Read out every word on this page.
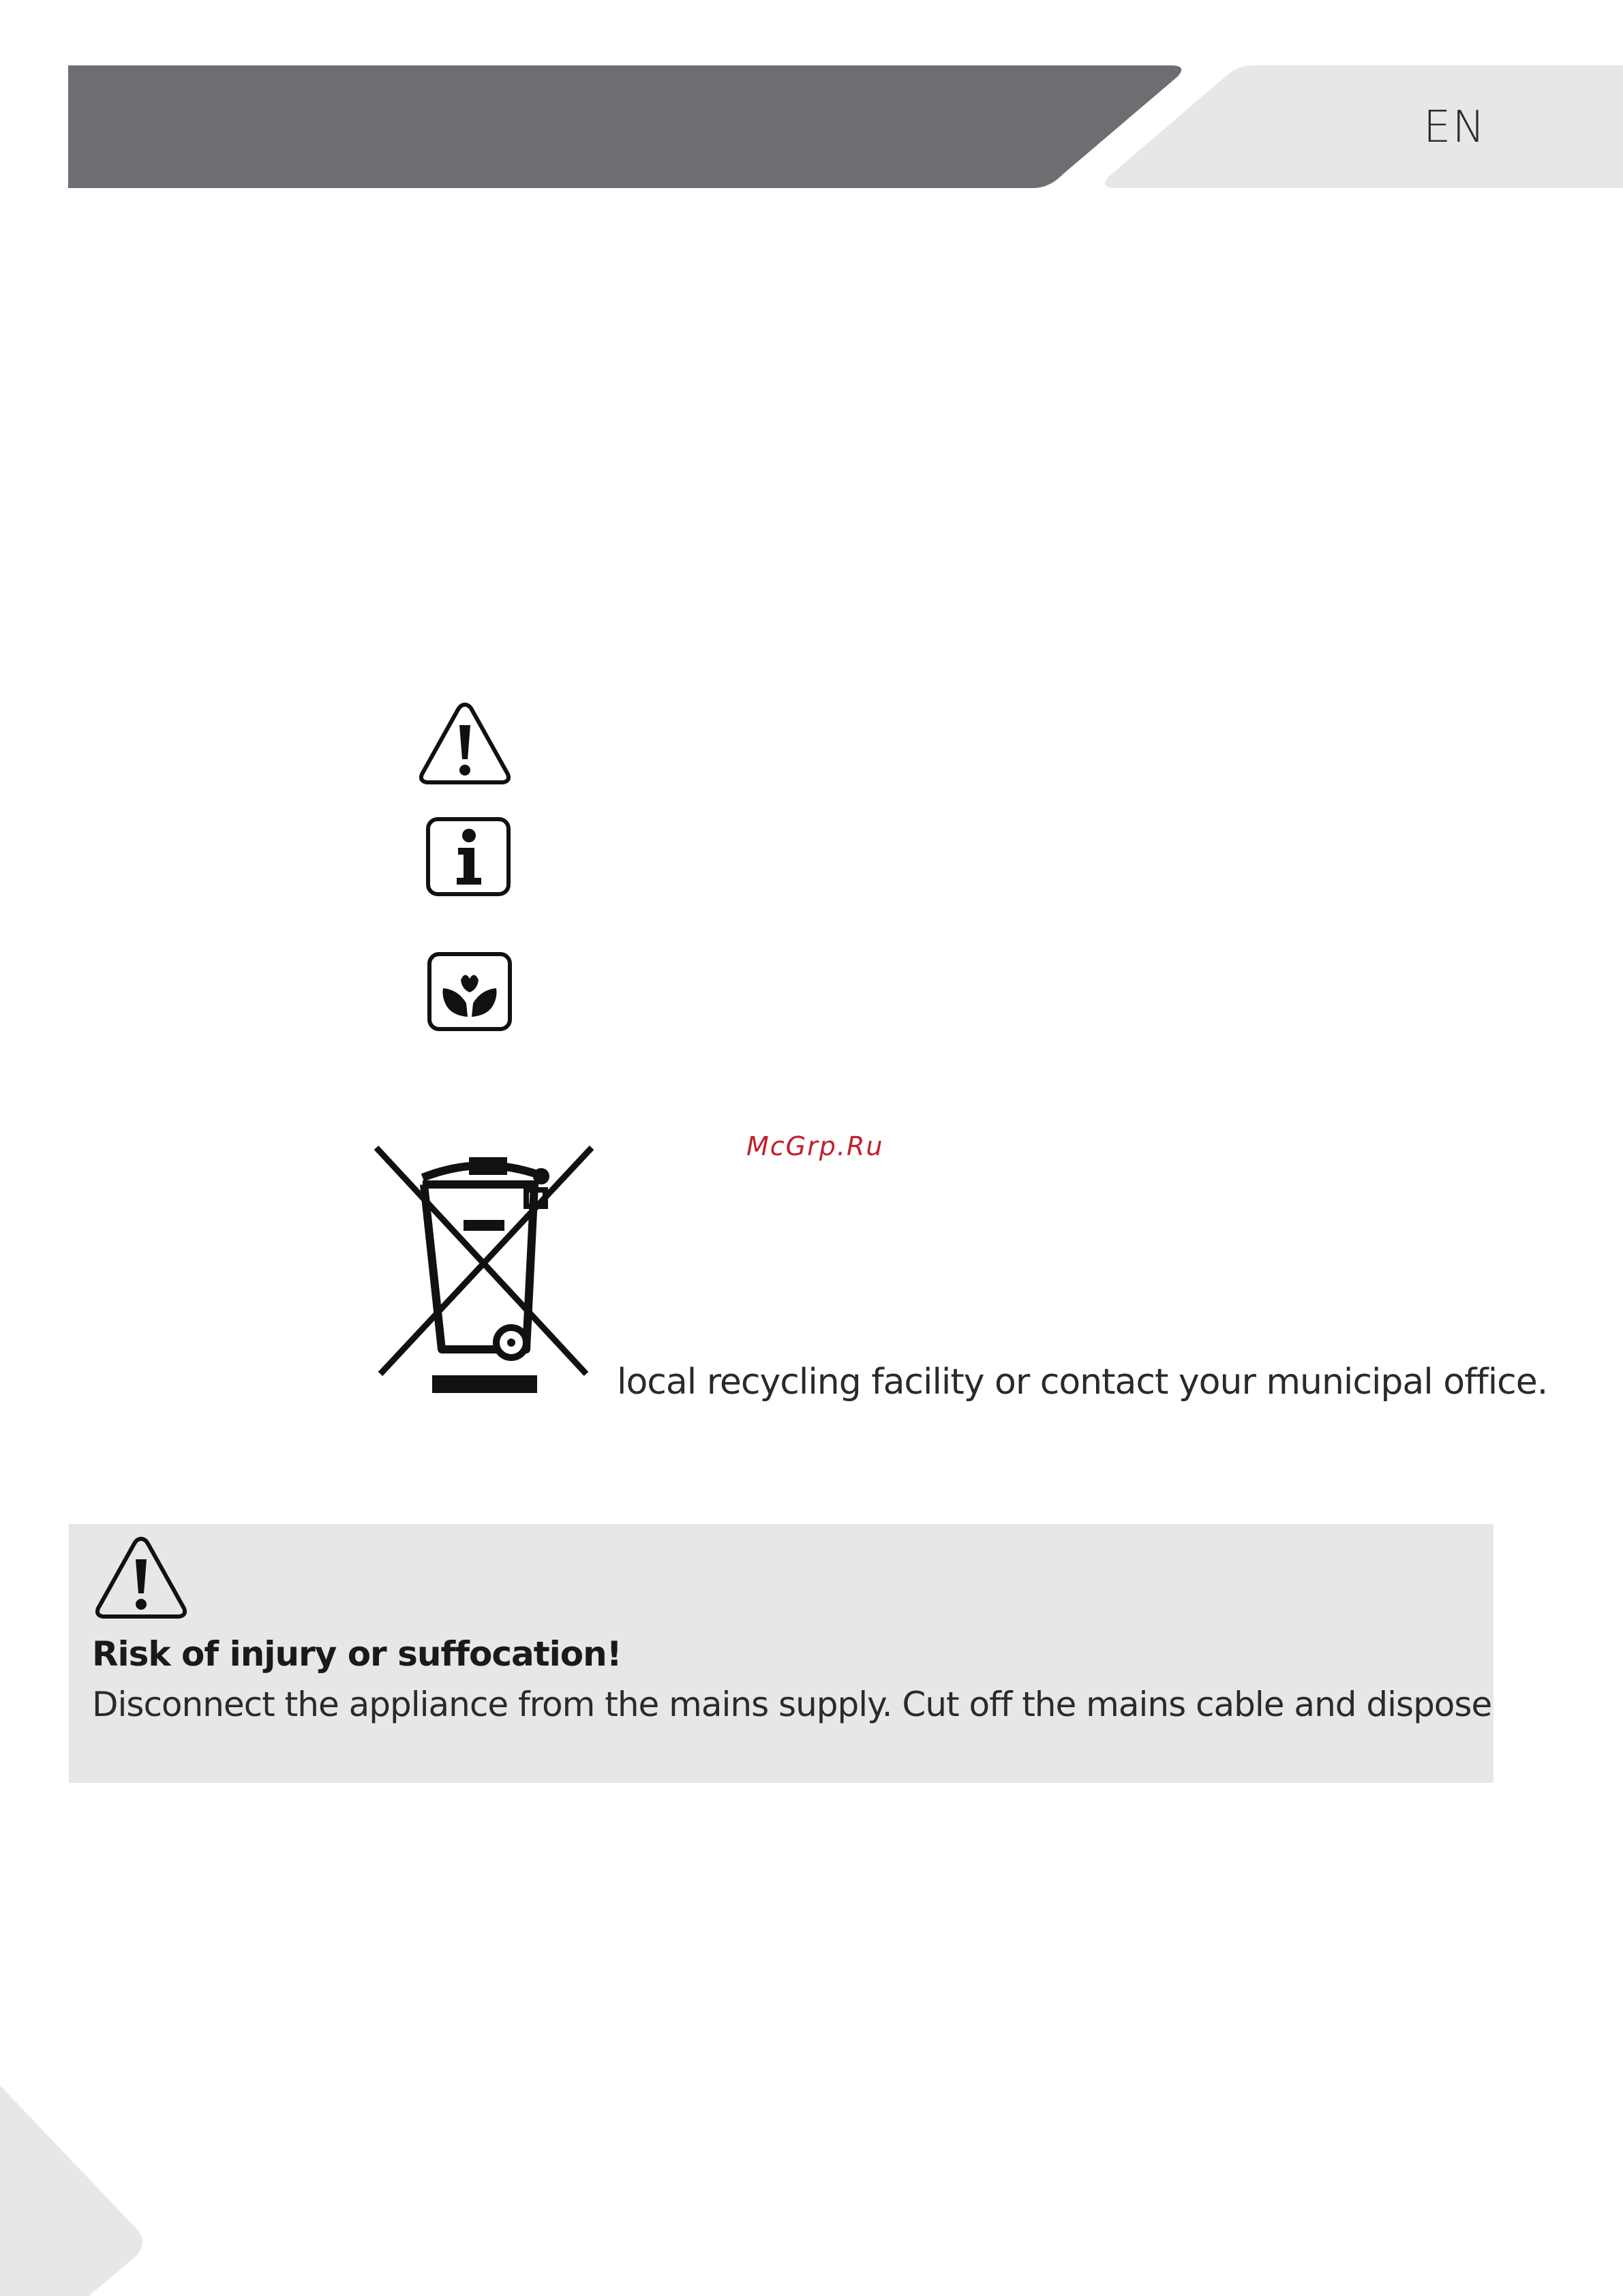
EN
McGrp.Ru
local recycling facility or contact your municipal office.
Risk of injury or suffocation!
Disconnect the appliance from the mains supply. Cut off the mains cable and dispose
